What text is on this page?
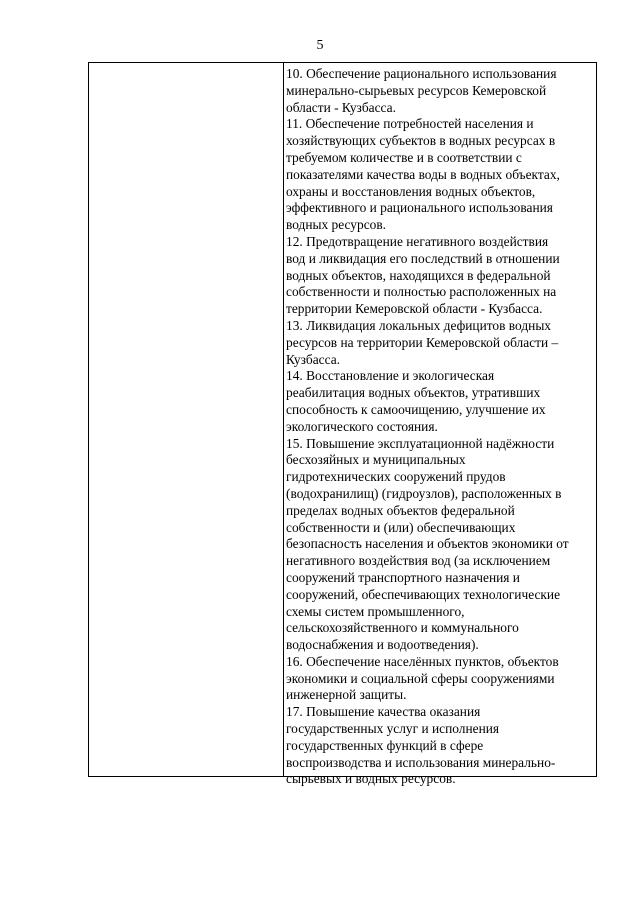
5
10. Обеспечение рационального использования
минерально-сырьевых ресурсов Кемеровской
области - Кузбасса.
11. Обеспечение потребностей населения и
хозяйствующих субъектов в водных ресурсах в
требуемом количестве и в соответствии с
показателями качества воды в водных объектах,
охраны и восстановления водных объектов,
эффективного и рационального использования
водных ресурсов.
12. Предотвращение негативного воздействия
вод и ликвидация его последствий в отношении
водных объектов, находящихся в федеральной
собственности и полностью расположенных на
территории Кемеровской области - Кузбасса.
13. Ликвидация локальных дефицитов водных
ресурсов на территории Кемеровской области –
Кузбасса.
14. Восстановление и экологическая
реабилитация водных объектов, утративших
способность к самоочищению, улучшение их
экологического состояния.
15. Повышение эксплуатационной надёжности
бесхозяйных и муниципальных
гидротехнических сооружений прудов
(водохранилищ) (гидроузлов), расположенных в
пределах водных объектов федеральной
собственности и (или) обеспечивающих
безопасность населения и объектов экономики от
негативного воздействия вод (за исключением
сооружений транспортного назначения и
сооружений, обеспечивающих технологические
схемы систем промышленного,
сельскохозяйственного и коммунального
водоснабжения и водоотведения).
16. Обеспечение населённых пунктов, объектов
экономики и социальной сферы сооружениями
инженерной защиты.
17. Повышение качества оказания
государственных услуг и исполнения
государственных функций в сфере
воспроизводства и использования минерально-
сырьевых и водных ресурсов.
